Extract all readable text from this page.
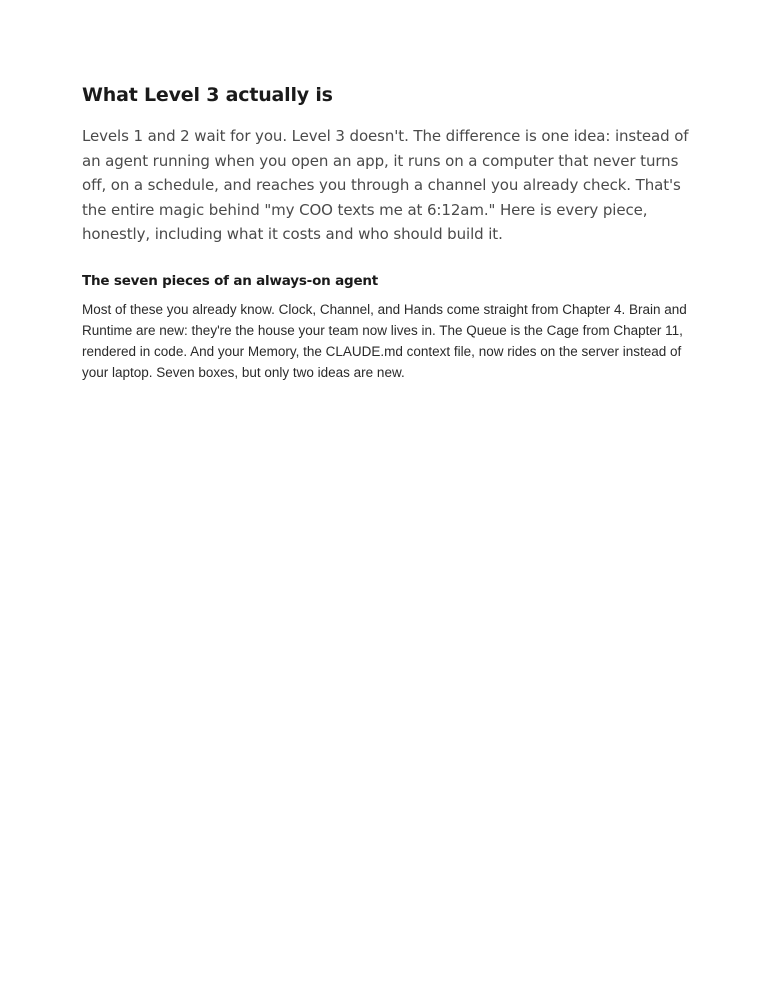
What Level 3 actually is

Levels 1 and 2 wait for you. Level 3 doesn't. The difference is one idea: instead of an agent running when you open an app, it runs on a computer that never turns off, on a schedule, and reaches you through a channel you already check. That's the entire magic behind "my COO texts me at 6:12am." Here is every piece, honestly, including what it costs and who should build it.

The seven pieces of an always-on agent

Most of these you already know. Clock, Channel, and Hands come straight from Chapter 4. Brain and Runtime are new: they're the house your team now lives in. The Queue is the Cage from Chapter 11, rendered in code. And your Memory, the CLAUDE.md context file, now rides on the server instead of your laptop. Seven boxes, but only two ideas are new.
